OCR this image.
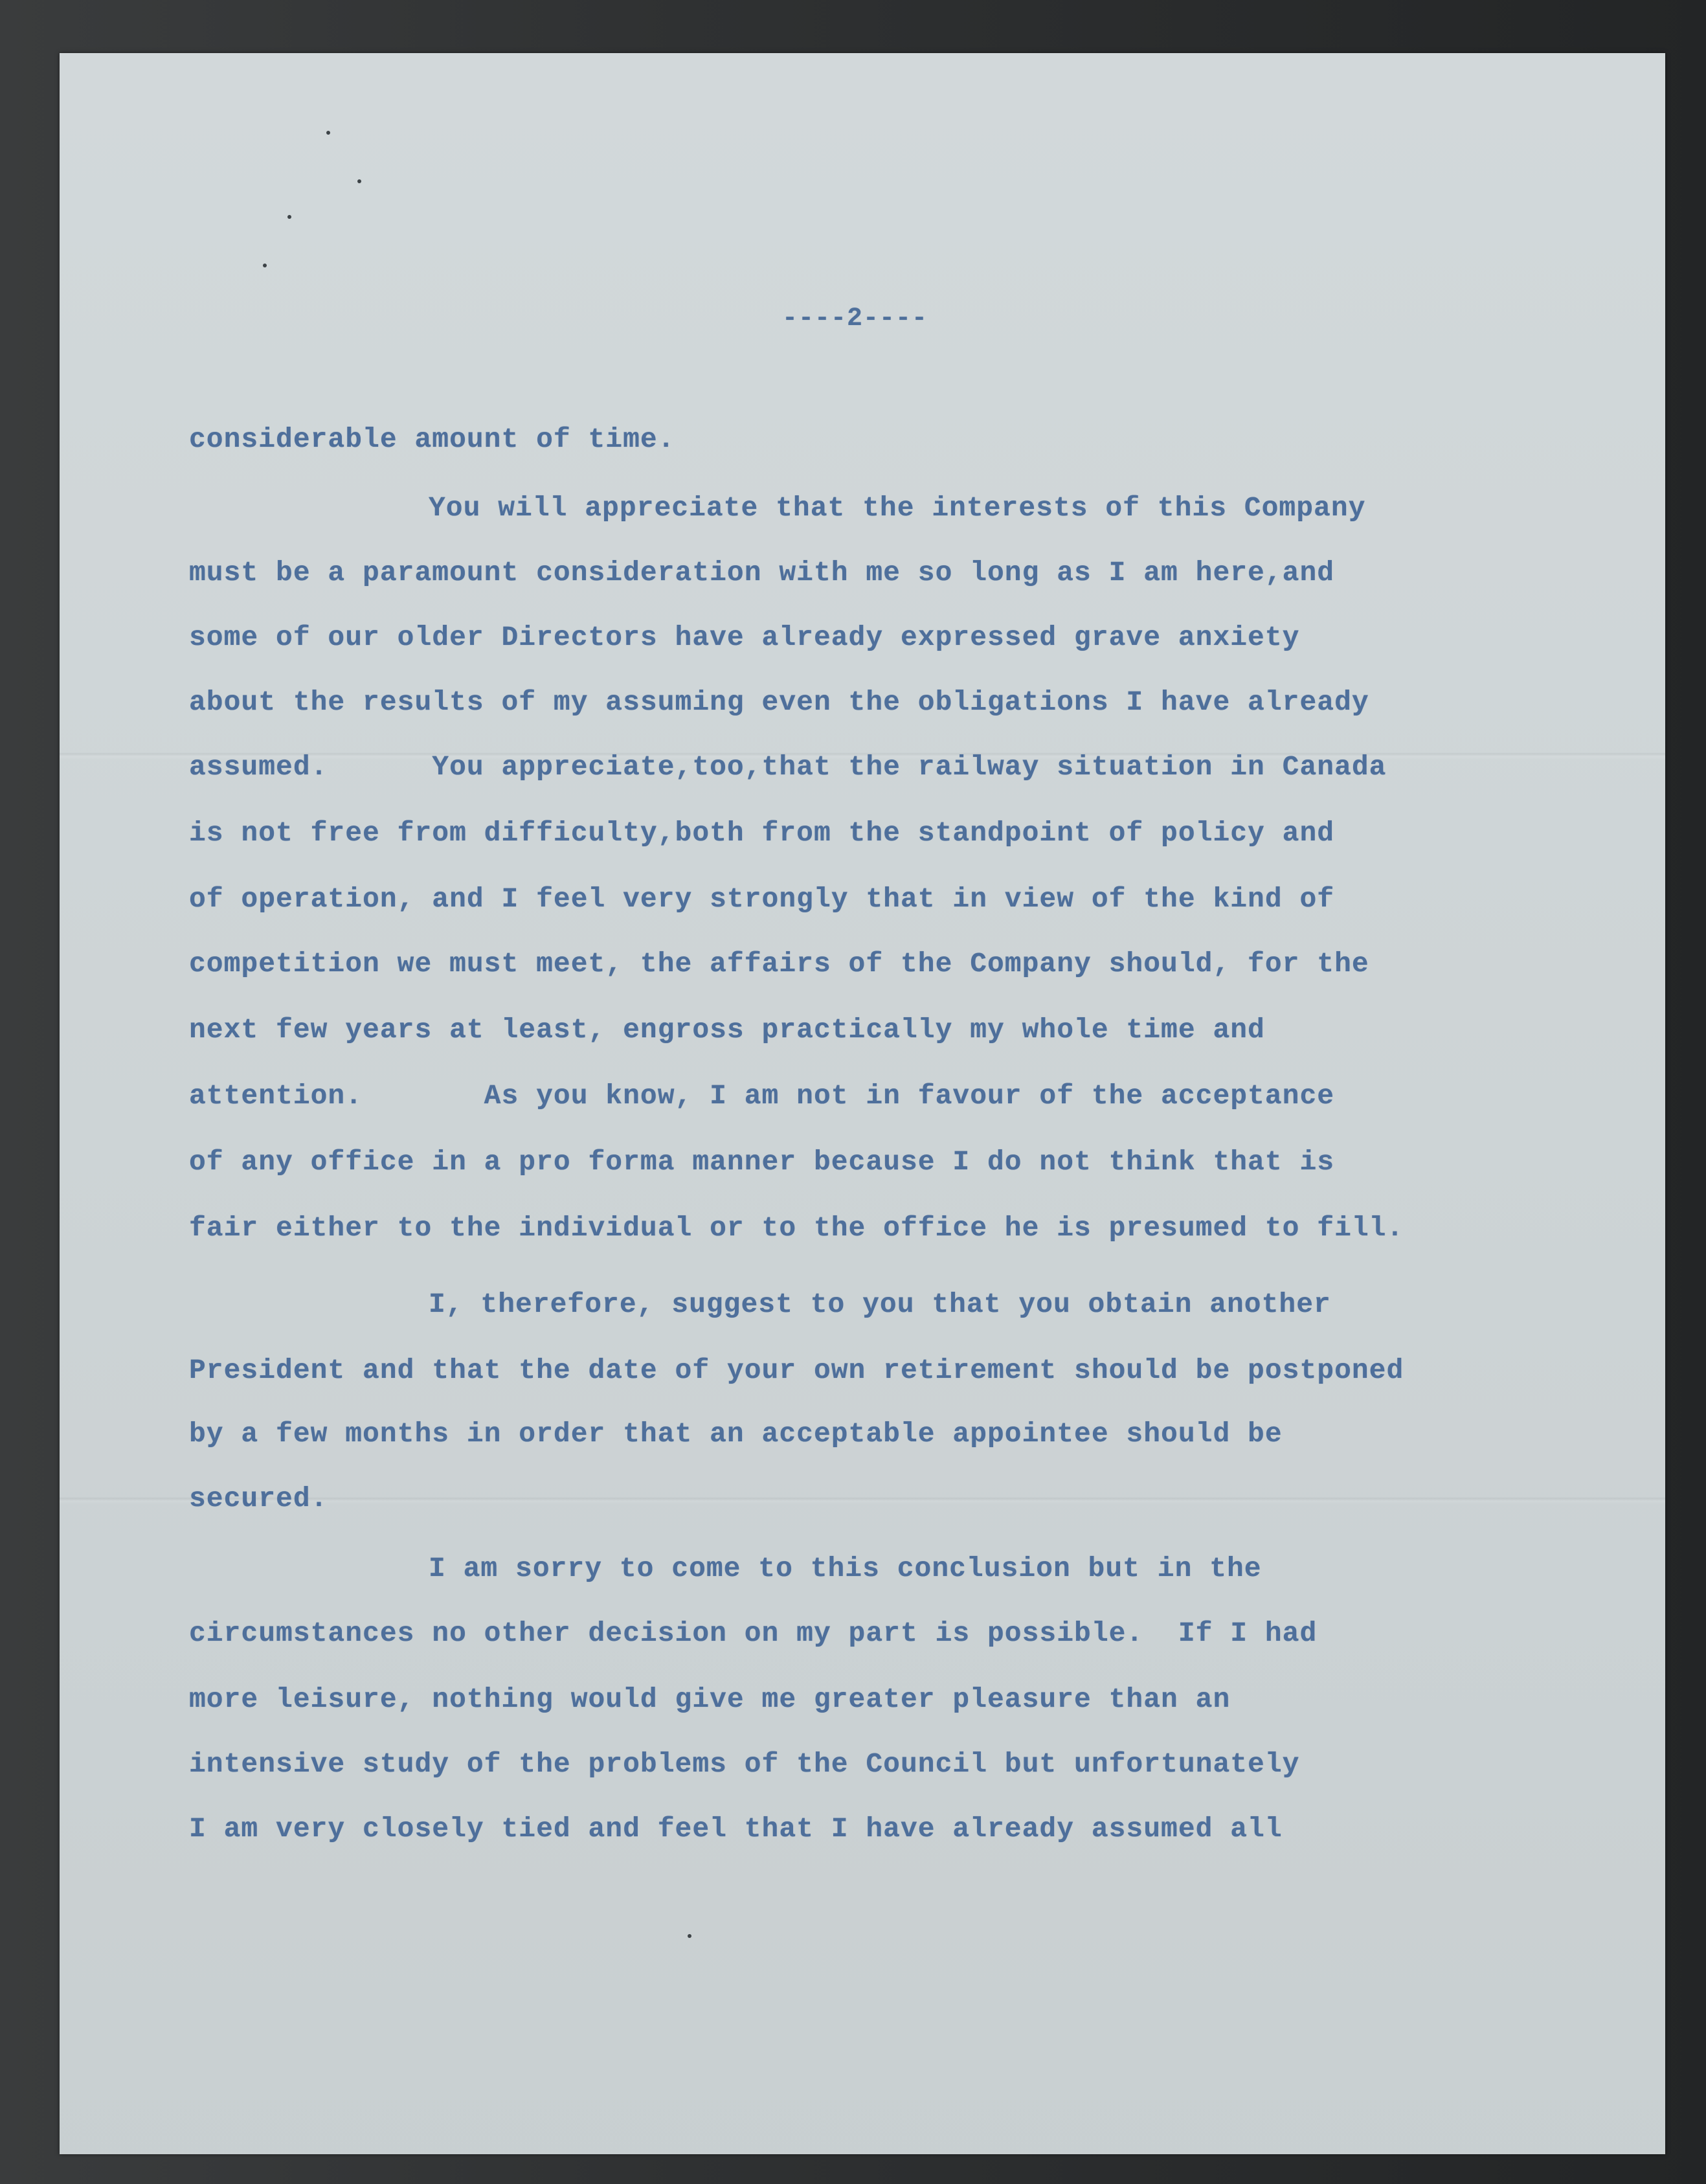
----2----
considerable amount of time.
You will appreciate that the interests of this Company
must be a paramount consideration with me so long as I am here,and
some of our older Directors have already expressed grave anxiety
about the results of my assuming even the obligations I have already
assumed.      You appreciate,too,that the railway situation in Canada
is not free from difficulty,both from the standpoint of policy and
of operation, and I feel very strongly that in view of the kind of
competition we must meet, the affairs of the Company should, for the
next few years at least, engross practically my whole time and
attention.       As you know, I am not in favour of the acceptance
of any office in a pro forma manner because I do not think that is
fair either to the individual or to the office he is presumed to fill.
I, therefore, suggest to you that you obtain another
President and that the date of your own retirement should be postponed
by a few months in order that an acceptable appointee should be
secured.
I am sorry to come to this conclusion but in the
circumstances no other decision on my part is possible.  If I had
more leisure, nothing would give me greater pleasure than an
intensive study of the problems of the Council but unfortunately
I am very closely tied and feel that I have already assumed all
